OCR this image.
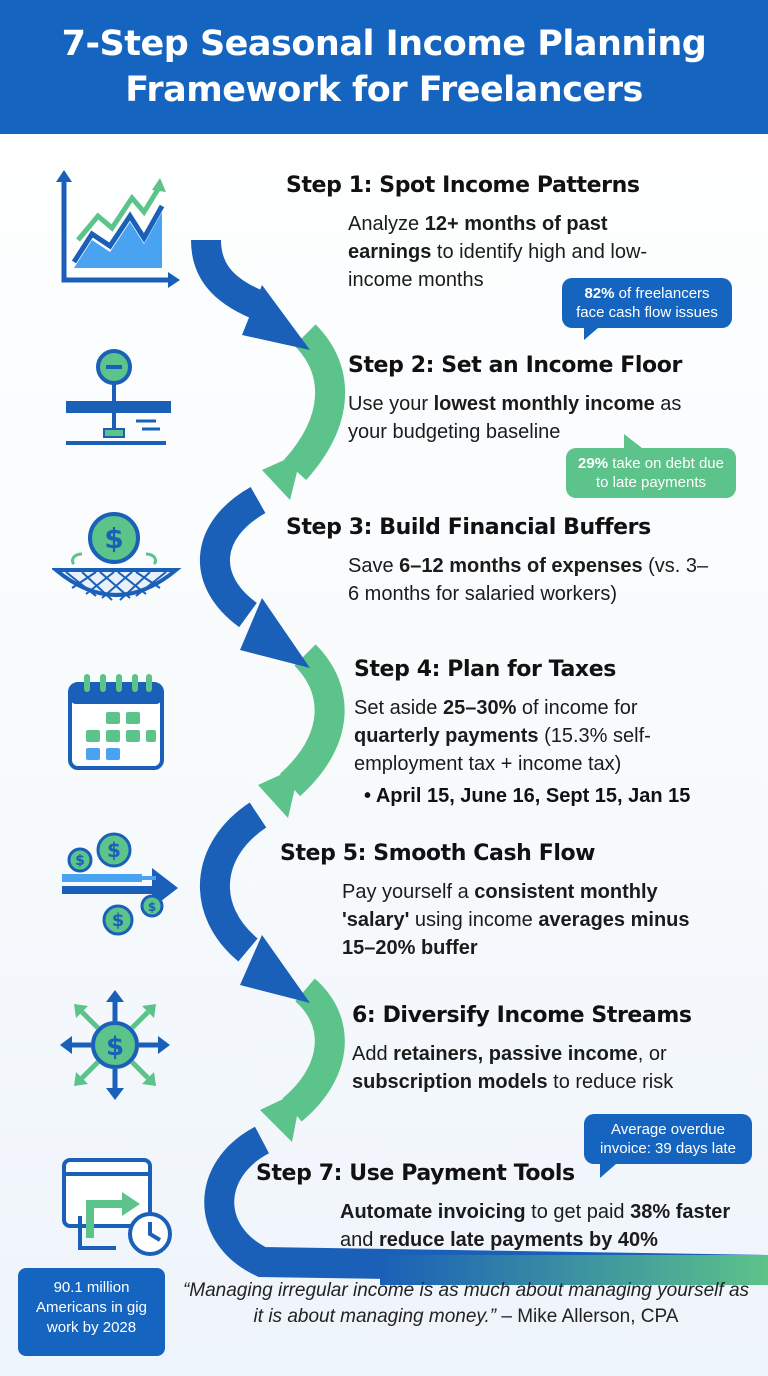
7-Step Seasonal Income Planning
Framework for Freelancers
$
$
$
$
$
$
Step 1: Spot Income Patterns

Analyze 12+ months of past earnings to identify high and low-income months

Step 2: Set an Income Floor

Use your lowest monthly income as your budgeting baseline

Step 3: Build Financial Buffers

Save 6–12 months of expenses (vs. 3–6 months for salaried workers)

Step 4: Plan for Taxes

Set aside 25–30% of income for quarterly payments (15.3% self-employment tax + income tax)

• April 15, June 16, Sept 15, Jan 15
Step 5: Smooth Cash Flow

Pay yourself a consistent monthly 'salary' using income averages minus 15–20% buffer

6: Diversify Income Streams

Add retainers, passive income, or subscription models to reduce risk

Step 7: Use Payment Tools

Automate invoicing to get paid 38% faster and reduce late payments by 40%

82% of freelancers face cash flow issues
29% take on debt due to late payments
Average overdue invoice: 39 days late
90.1 million Americans in gig work by 2028
“Managing irregular income is as much about managing yourself as it is about managing money.” – Mike Allerson, CPA
